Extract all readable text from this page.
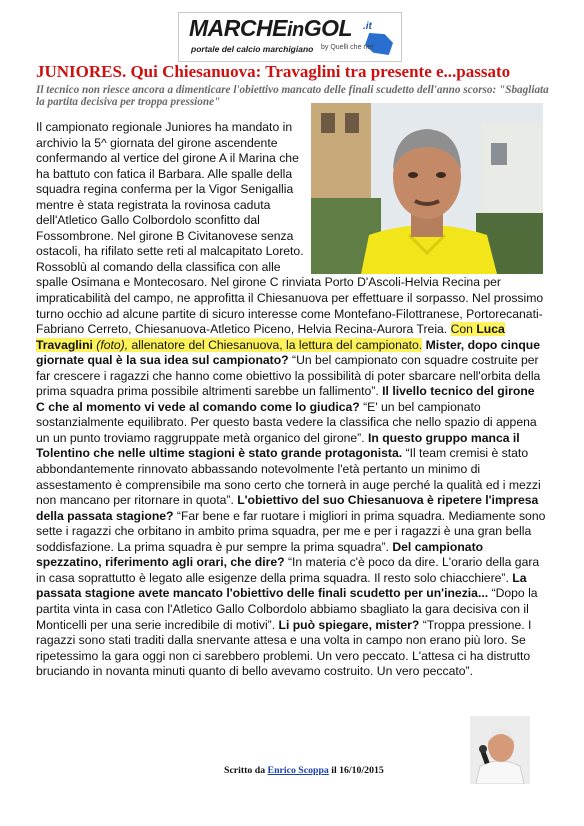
MARCHEinGOL .it
portale del calcio marchigiano by Quelli che net
JUNIORES. Qui Chiesanuova: Travaglini tra presente e...passato
Il tecnico non riesce ancora a dimenticare l'obiettivo mancato delle finali scudetto dell'anno scorso: "Sbagliata la partita decisiva per troppa pressione"

Il campionato regionale Juniores ha mandato in archivio la 5^ giornata del girone ascendente confermando al vertice del girone A il Marina che ha battuto con fatica il Barbara. Alle spalle della squadra regina conferma per la Vigor Senigallia mentre è stata registrata la rovinosa caduta dell'Atletico Gallo Colbordolo sconfitto dal Fossombrone. Nel girone B Civitanovese senza ostacoli, ha rifilato sette reti al malcapitato Loreto. Rossoblù al comando della classifica con alle spalle Osimana e Montecosaro. Nel girone C rinviata Porto D'Ascoli-Helvia Recina per impraticabilità del campo, ne approfitta il Chiesanuova per effettuare il sorpasso. Nel prossimo turno occhio ad alcune partite di sicuro interesse come Montefano-Filottranese, Portorecanati-Fabriano Cerreto, Chiesanuova-Atletico Piceno, Helvia Recina-Aurora Treia. Con Luca Travaglini (foto), allenatore del Chiesanuova, la lettura del campionato. Mister, dopo cinque giornate qual è la sua idea sul campionato? “Un bel campionato con squadre costruite per far crescere i ragazzi che hanno come obiettivo la possibilità di poter sbarcare nell'orbita della prima squadra prima possibile altrimenti sarebbe un fallimento”. Il livello tecnico del girone C che al momento vi vede al comando come lo giudica? “E' un bel campionato sostanzialmente equilibrato. Per questo basta vedere la classifica che nello spazio di appena un un punto troviamo raggruppate metà organico del girone”. In questo gruppo manca il Tolentino che nelle ultime stagioni è stato grande protagonista. “Il team cremisi è stato abbondantemente rinnovato abbassando notevolmente l'età pertanto un minimo di assestamento è comprensibile ma sono certo che tornerà in auge perché la qualità ed i mezzi non mancano per ritornare in quota”. L'obiettivo del suo Chiesanuova è ripetere l'impresa della passata stagione? “Far bene e far ruotare i migliori in prima squadra. Mediamente sono sette i ragazzi che orbitano in ambito prima squadra, per me e per i ragazzi è una gran bella soddisfazione. La prima squadra è pur sempre la prima squadra”. Del campionato spezzatino, riferimento agli orari, che dire? “In materia c'è poco da dire. L'orario della gara in casa soprattutto è legato alle esigenze della prima squadra. Il resto solo chiacchiere”. La passata stagione avete mancato l'obiettivo delle finali scudetto per un'inezia... “Dopo la partita vinta in casa con l'Atletico Gallo Colbordolo abbiamo sbagliato la gara decisiva con il Monticelli per una serie incredibile di motivi”. Li può spiegare, mister? “Troppa pressione. I ragazzi sono stati traditi dalla snervante attesa e una volta in campo non erano più loro. Se ripetessimo la gara oggi non ci sarebbero problemi. Un vero peccato. L'attesa ci ha distrutto bruciando in novanta minuti quanto di bello avevamo costruito. Un vero peccato”.

Scritto da Enrico Scoppa il 16/10/2015
